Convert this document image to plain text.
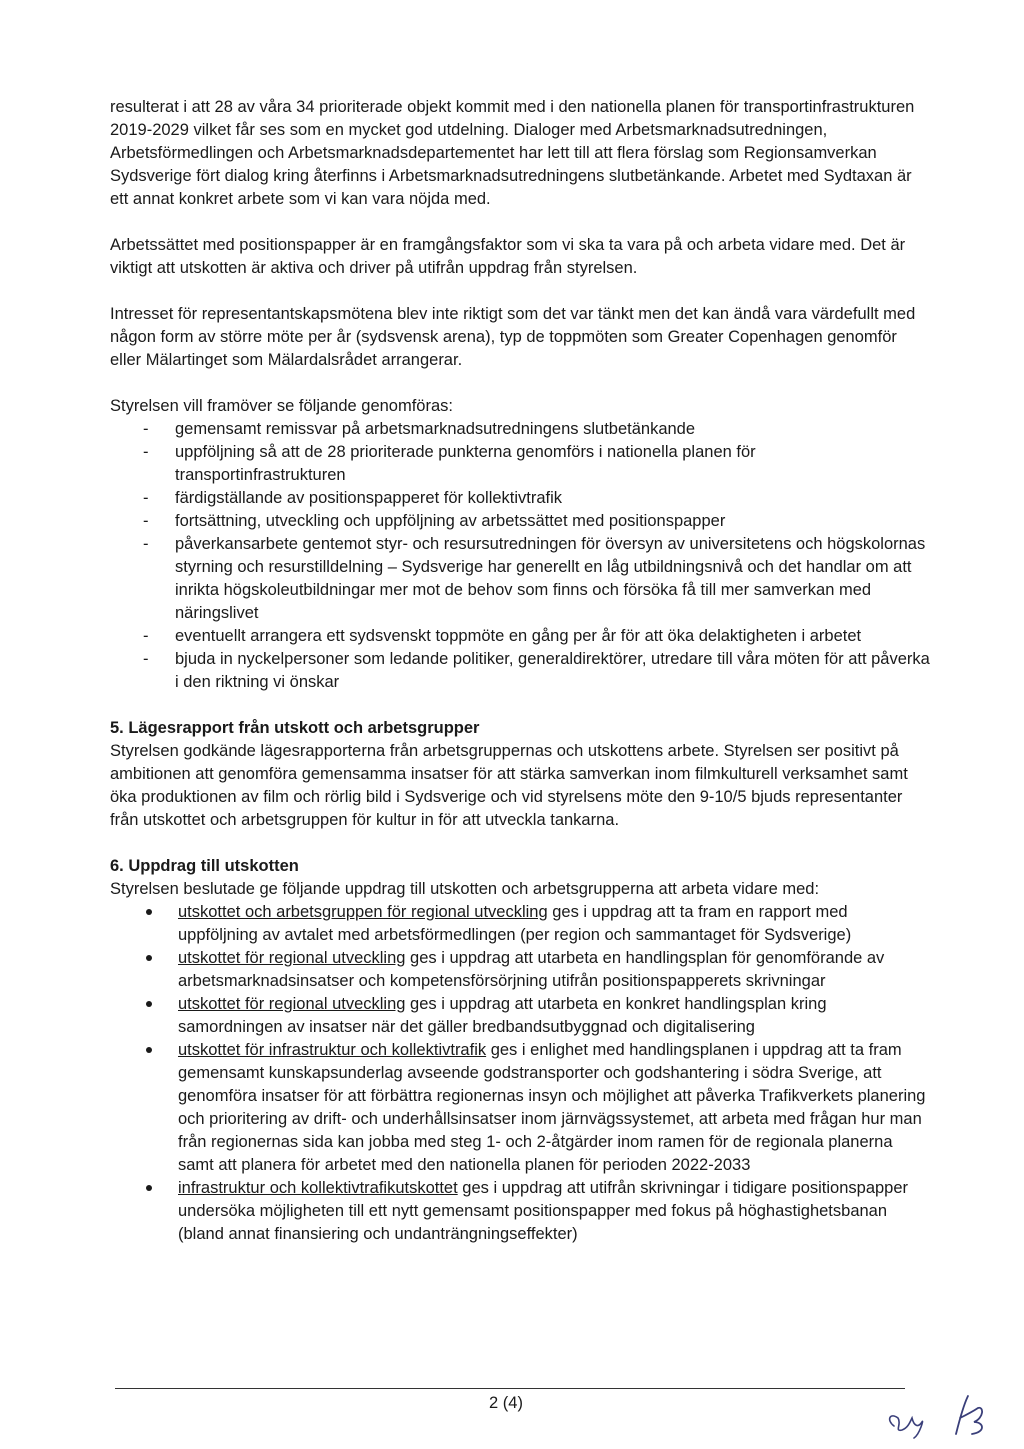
resulterat i att 28 av våra 34 prioriterade objekt kommit med i den nationella planen för transportinfrastrukturen 2019-2029 vilket får ses som en mycket god utdelning. Dialoger med Arbetsmarknadsutredningen, Arbetsförmedlingen och Arbetsmarknadsdepartementet har lett till att flera förslag som Regionsamverkan Sydsverige fört dialog kring återfinns i Arbetsmarknadsutredningens slutbetänkande. Arbetet med Sydtaxan är ett annat konkret arbete som vi kan vara nöjda med.

Arbetssättet med positionspapper är en framgångsfaktor som vi ska ta vara på och arbeta vidare med. Det är viktigt att utskotten är aktiva och driver på utifrån uppdrag från styrelsen.

Intresset för representantskapsmötena blev inte riktigt som det var tänkt men det kan ändå vara värdefullt med någon form av större möte per år (sydsvensk arena), typ de toppmöten som Greater Copenhagen genomför eller Mälartinget som Mälardalsrådet arrangerar.

Styrelsen vill framöver se följande genomföras:

- gemensamt remissvar på arbetsmarknadsutredningens slutbetänkande
- uppföljning så att de 28 prioriterade punkterna genomförs i nationella planen för transportinfrastrukturen
- färdigställande av positionspapperet för kollektivtrafik
- fortsättning, utveckling och uppföljning av arbetssättet med positionspapper
- påverkansarbete gentemot styr- och resursutredningen för översyn av universitetens och högskolornas styrning och resurstilldelning – Sydsverige har generellt en låg utbildningsnivå och det handlar om att inrikta högskoleutbildningar mer mot de behov som finns och försöka få till mer samverkan med näringslivet
- eventuellt arrangera ett sydsvenskt toppmöte en gång per år för att öka delaktigheten i arbetet
- bjuda in nyckelpersoner som ledande politiker, generaldirektörer, utredare till våra möten för att påverka i den riktning vi önskar

5. Lägesrapport från utskott och arbetsgrupper

Styrelsen godkände lägesrapporterna från arbetsgruppernas och utskottens arbete. Styrelsen ser positivt på ambitionen att genomföra gemensamma insatser för att stärka samverkan inom filmkulturell verksamhet samt öka produktionen av film och rörlig bild i Sydsverige och vid styrelsens möte den 9-10/5 bjuds representanter från utskottet och arbetsgruppen för kultur in för att utveckla tankarna.

6. Uppdrag till utskotten

Styrelsen beslutade ge följande uppdrag till utskotten och arbetsgrupperna att arbeta vidare med:

utskottet och arbetsgruppen för regional utveckling ges i uppdrag att ta fram en rapport med uppföljning av avtalet med arbetsförmedlingen (per region och sammantaget för Sydsverige)
utskottet för regional utveckling ges i uppdrag att utarbeta en handlingsplan för genomförande av arbetsmarknadsinsatser och kompetensförsörjning utifrån positionspapperets skrivningar
utskottet för regional utveckling ges i uppdrag att utarbeta en konkret handlingsplan kring samordningen av insatser när det gäller bredbandsutbyggnad och digitalisering
utskottet för infrastruktur och kollektivtrafik ges i enlighet med handlingsplanen i uppdrag att ta fram gemensamt kunskapsunderlag avseende godstransporter och godshantering i södra Sverige, att genomföra insatser för att förbättra regionernas insyn och möjlighet att påverka Trafikverkets planering och prioritering av drift- och underhållsinsatser inom järnvägssystemet, att arbeta med frågan hur man från regionernas sida kan jobba med steg 1- och 2-åtgärder inom ramen för de regionala planerna samt att planera för arbetet med den nationella planen för perioden 2022-2033
infrastruktur och kollektivtrafikutskottet ges i uppdrag att utifrån skrivningar i tidigare positionspapper undersöka möjligheten till ett nytt gemensamt positionspapper med fokus på höghastighetsbanan (bland annat finansiering och undanträngningseffekter)
2 (4)
